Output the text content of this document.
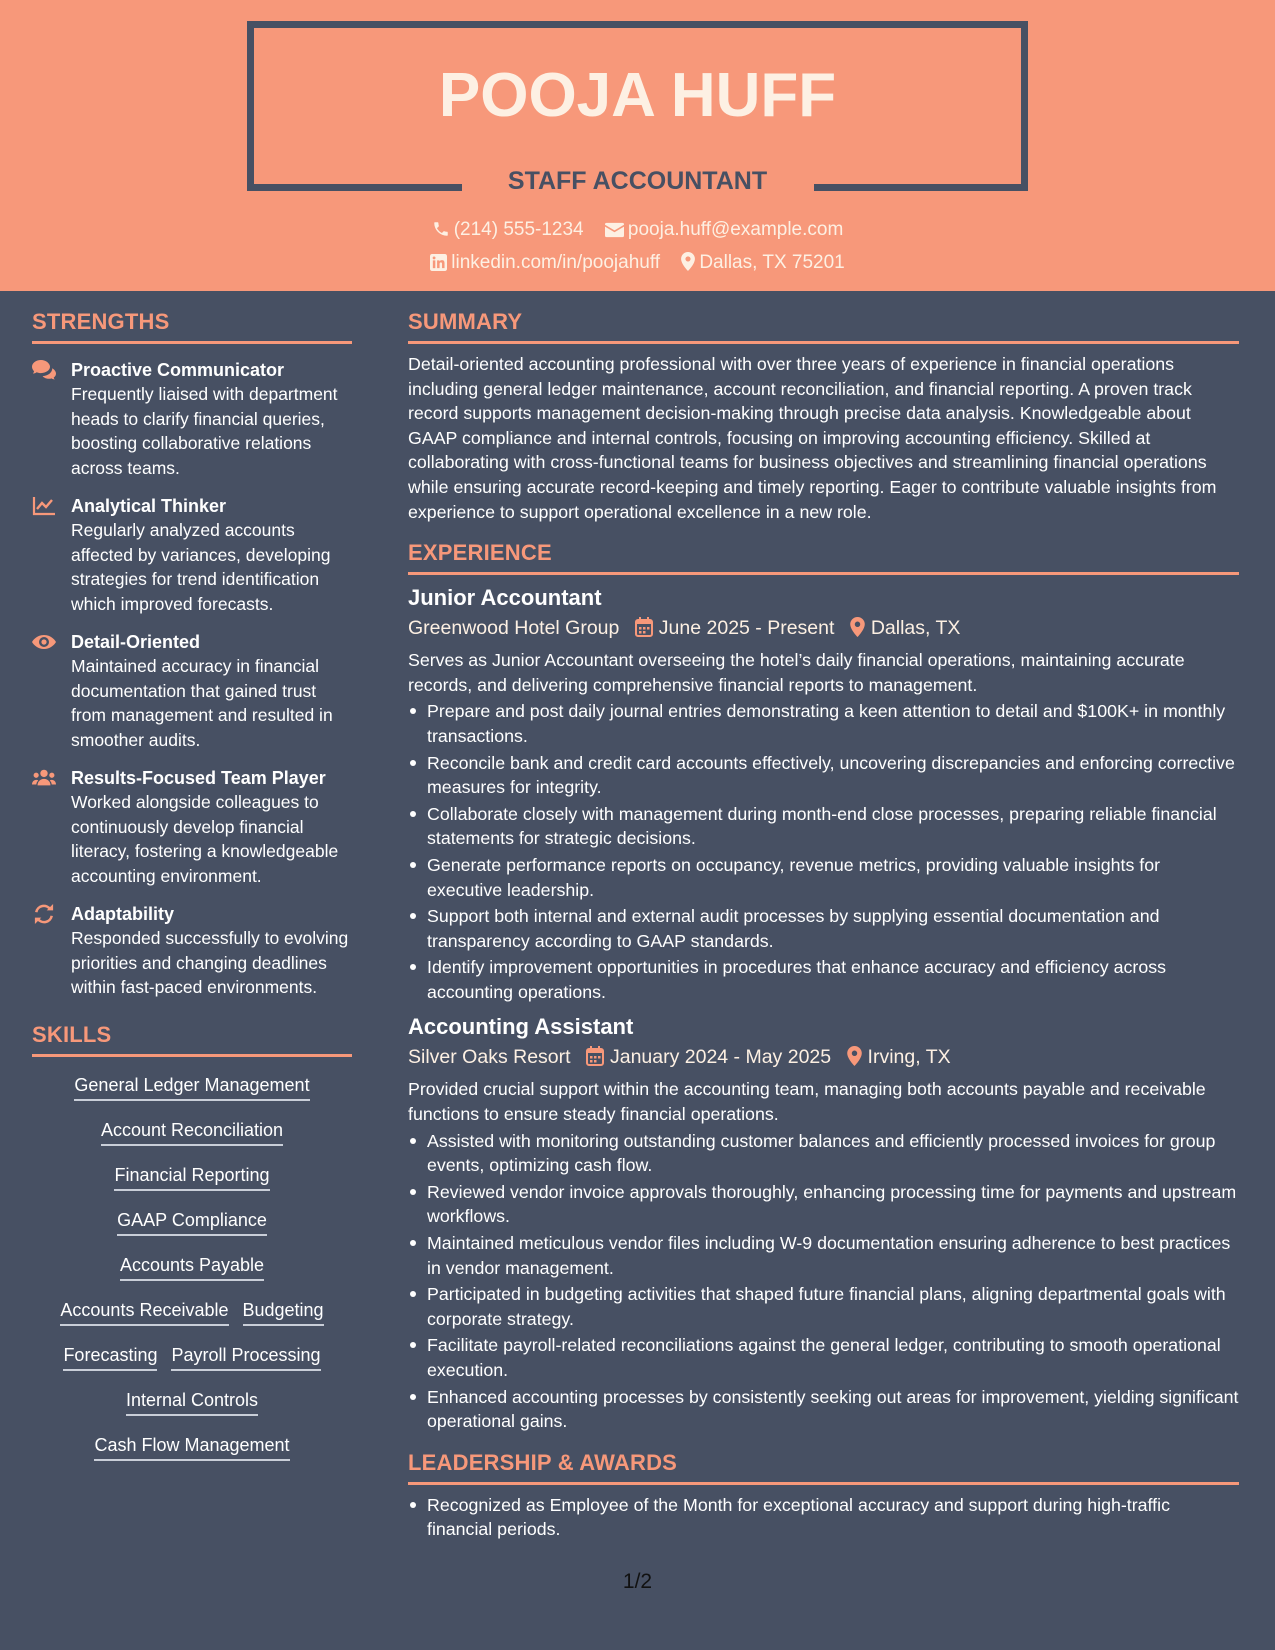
POOJA HUFF
STAFF ACCOUNTANT
(214) 555-1234 pooja.huff@example.com
linkedin.com/in/poojahuff Dallas, TX 75201
STRENGTHS
Proactive Communicator
Frequently liaised with department heads to clarify financial queries, boosting collaborative relations across teams.
Analytical Thinker
Regularly analyzed accounts affected by variances, developing strategies for trend identification which improved forecasts.
Detail-Oriented
Maintained accuracy in financial documentation that gained trust from management and resulted in smoother audits.
Results-Focused Team Player
Worked alongside colleagues to continuously develop financial literacy, fostering a knowledgeable accounting environment.
Adaptability
Responded successfully to evolving priorities and changing deadlines within fast-paced environments.
SKILLS
General Ledger Management
Account Reconciliation
Financial Reporting
GAAP Compliance
Accounts Payable
Accounts Receivable Budgeting
Forecasting Payroll Processing
Internal Controls
Cash Flow Management
SUMMARY
Detail-oriented accounting professional with over three years of experience in financial operations including general ledger maintenance, account reconciliation, and financial reporting. A proven track record supports management decision-making through precise data analysis. Knowledgeable about GAAP compliance and internal controls, focusing on improving accounting efficiency. Skilled at collaborating with cross-functional teams for business objectives and streamlining financial operations while ensuring accurate record-keeping and timely reporting. Eager to contribute valuable insights from experience to support operational excellence in a new role.
EXPERIENCE
Junior Accountant
Greenwood Hotel Group June 2025 - Present Dallas, TX
Serves as Junior Accountant overseeing the hotel’s daily financial operations, maintaining accurate records, and delivering comprehensive financial reports to management.
Prepare and post daily journal entries demonstrating a keen attention to detail and $100K+ in monthly transactions.
Reconcile bank and credit card accounts effectively, uncovering discrepancies and enforcing corrective measures for integrity.
Collaborate closely with management during month-end close processes, preparing reliable financial statements for strategic decisions.
Generate performance reports on occupancy, revenue metrics, providing valuable insights for executive leadership.
Support both internal and external audit processes by supplying essential documentation and transparency according to GAAP standards.
Identify improvement opportunities in procedures that enhance accuracy and efficiency across accounting operations.
Accounting Assistant
Silver Oaks Resort January 2024 - May 2025 Irving, TX
Provided crucial support within the accounting team, managing both accounts payable and receivable functions to ensure steady financial operations.
Assisted with monitoring outstanding customer balances and efficiently processed invoices for group events, optimizing cash flow.
Reviewed vendor invoice approvals thoroughly, enhancing processing time for payments and upstream workflows.
Maintained meticulous vendor files including W-9 documentation ensuring adherence to best practices in vendor management.
Participated in budgeting activities that shaped future financial plans, aligning departmental goals with corporate strategy.
Facilitate payroll-related reconciliations against the general ledger, contributing to smooth operational execution.
Enhanced accounting processes by consistently seeking out areas for improvement, yielding significant operational gains.
LEADERSHIP & AWARDS
Recognized as Employee of the Month for exceptional accuracy and support during high-traffic financial periods.
1/2
